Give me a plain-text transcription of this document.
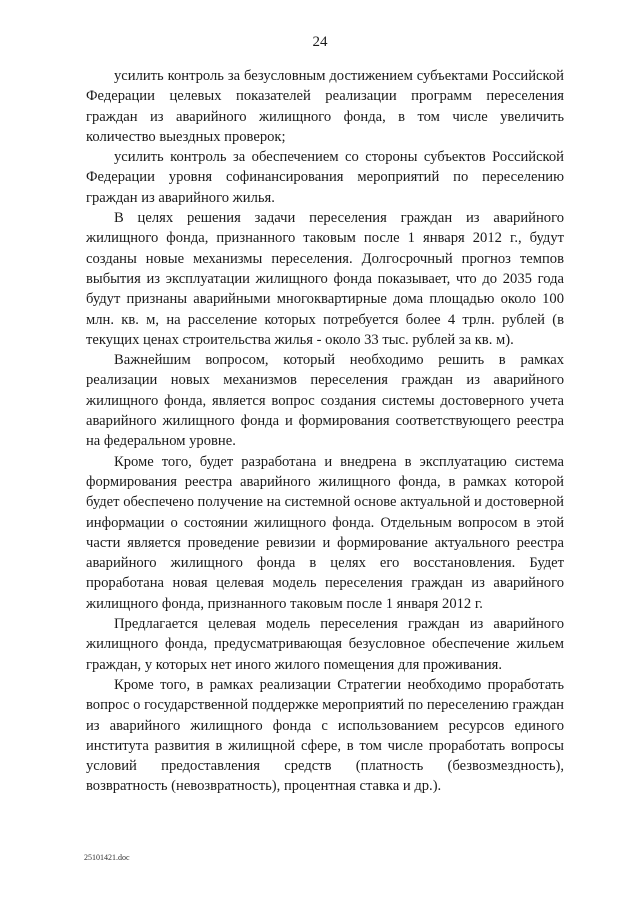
24

усилить контроль за безусловным достижением субъектами Российской Федерации целевых показателей реализации программ переселения граждан из аварийного жилищного фонда, в том числе увеличить количество выездных проверок;

усилить контроль за обеспечением со стороны субъектов Российской Федерации уровня софинансирования мероприятий по переселению граждан из аварийного жилья.

В целях решения задачи переселения граждан из аварийного жилищного фонда, признанного таковым после 1 января 2012 г., будут созданы новые механизмы переселения. Долгосрочный прогноз темпов выбытия из эксплуатации жилищного фонда показывает, что до 2035 года будут признаны аварийными многоквартирные дома площадью около 100 млн. кв. м, на расселение которых потребуется более 4 трлн. рублей (в текущих ценах строительства жилья - около 33 тыс. рублей за кв. м).

Важнейшим вопросом, который необходимо решить в рамках реализации новых механизмов переселения граждан из аварийного жилищного фонда, является вопрос создания системы достоверного учета аварийного жилищного фонда и формирования соответствующего реестра на федеральном уровне.

Кроме того, будет разработана и внедрена в эксплуатацию система формирования реестра аварийного жилищного фонда, в рамках которой будет обеспечено получение на системной основе актуальной и достоверной информации о состоянии жилищного фонда. Отдельным вопросом в этой части является проведение ревизии и формирование актуального реестра аварийного жилищного фонда в целях его восстановления. Будет проработана новая целевая модель переселения граждан из аварийного жилищного фонда, признанного таковым после 1 января 2012 г.

Предлагается целевая модель переселения граждан из аварийного жилищного фонда, предусматривающая безусловное обеспечение жильем граждан, у которых нет иного жилого помещения для проживания.

Кроме того, в рамках реализации Стратегии необходимо проработать вопрос о государственной поддержке мероприятий по переселению граждан из аварийного жилищного фонда с использованием ресурсов единого института развития в жилищной сфере, в том числе проработать вопросы условий предоставления средств (платность (безвозмездность), возвратность (невозвратность), процентная ставка и др.).

25101421.doc
